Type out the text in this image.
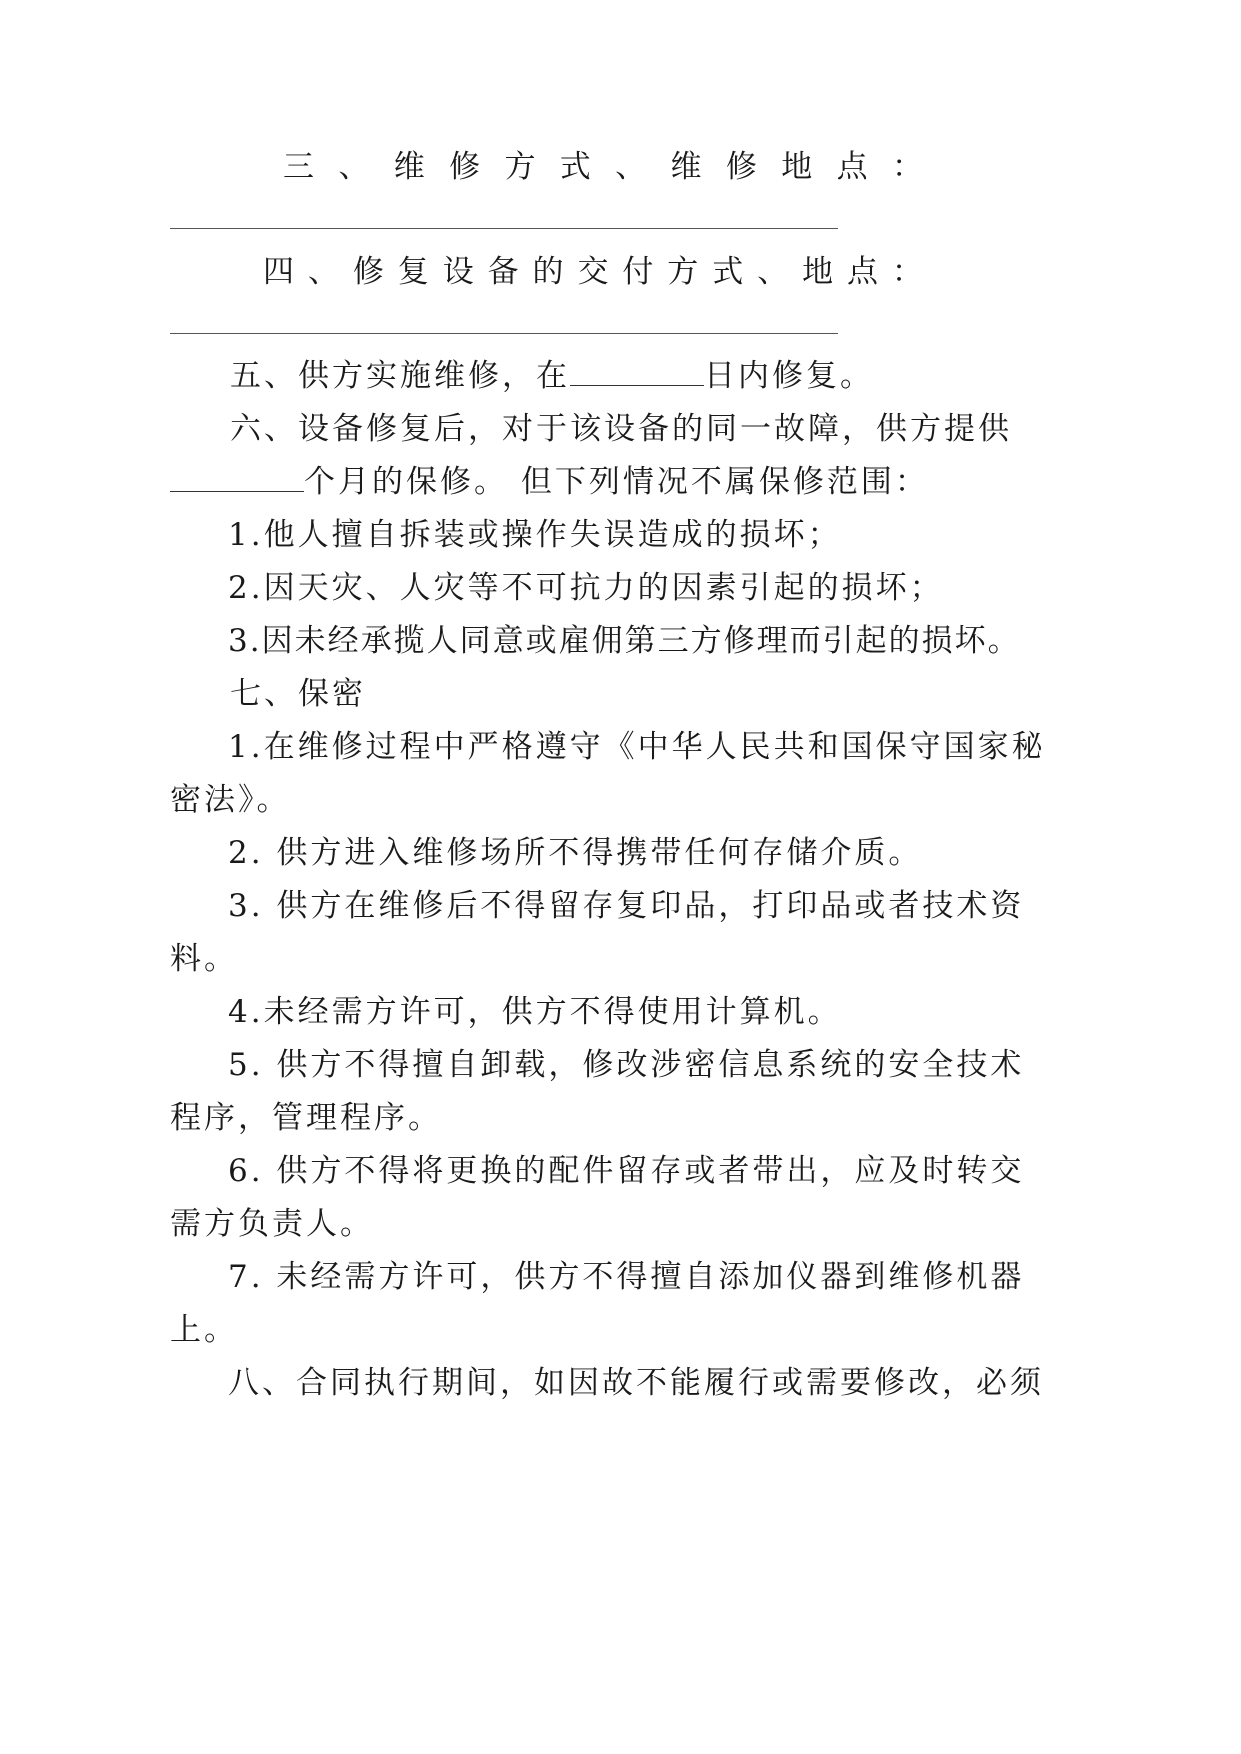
三 、 维 修 方 式 、 维 修 地 点 ：
四 、 修 复 设 备 的 交 付 方 式 、 地 点 ：
五、供方实施维修，在	日内修复。
六、设备修复后，对于该设备的同一故障，供方提供
个月的保修。 但下列情况不属保修范围：
1.他人擅自拆装或操作失误造成的损坏；
2.因天灾、人灾等不可抗力的因素引起的损坏；
3.因未经承揽人同意或雇佣第三方修理而引起的损坏。
七、保密
1.在维修过程中严格遵守《中华人民共和国保守国家秘
密法》。
2. 供方进入维修场所不得携带任何存储介质。
3. 供方在维修后不得留存复印品，打印品或者技术资
料。
4.未经需方许可，供方不得使用计算机。
5. 供方不得擅自卸载，修改涉密信息系统的安全技术
程序，管理程序。
6. 供方不得将更换的配件留存或者带出，应及时转交
需方负责人。
7. 未经需方许可，供方不得擅自添加仪器到维修机器
上。
八、合同执行期间，如因故不能履行或需要修改，必须
